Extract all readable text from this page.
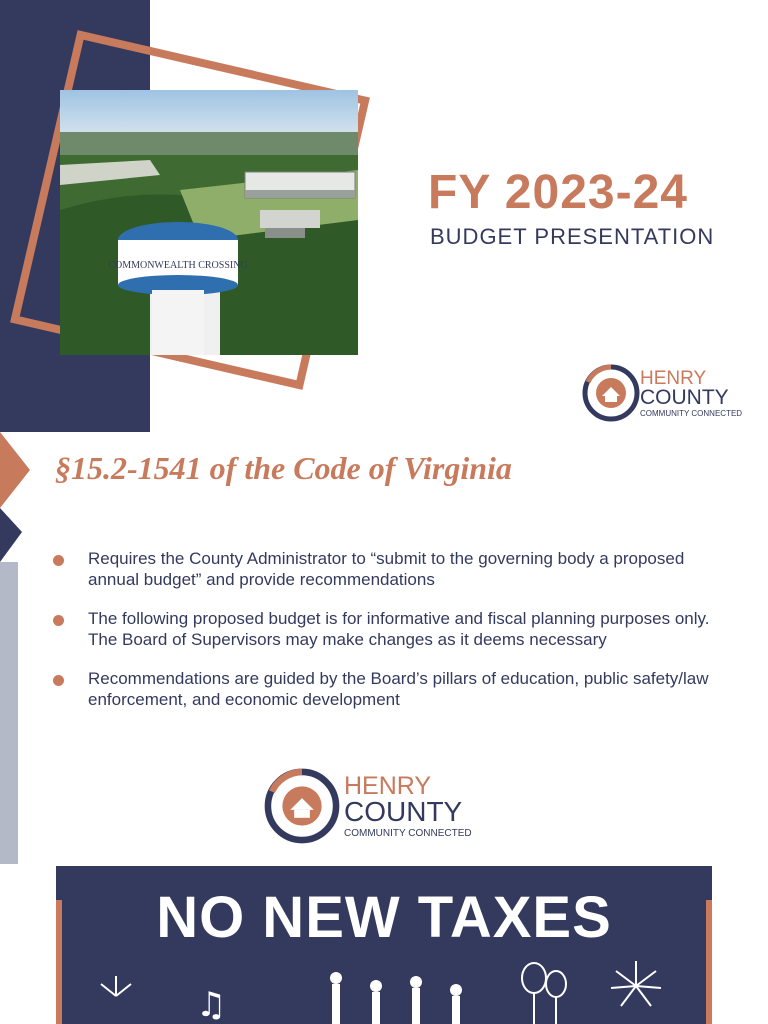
COMMONWEALTH CROSSING
FY 2023-24
BUDGET PRESENTATION
HENRY
COUNTY
COMMUNITY CONNECTED
§15.2-1541 of the Code of Virginia
Requires the County Administrator to “submit to the governing body a proposed annual budget” and provide recommendations
The following proposed budget is for informative and fiscal planning purposes only. The Board of Supervisors may make changes as it deems necessary
Recommendations are guided by the Board’s pillars of education, public safety/law enforcement, and economic development
HENRY
COUNTY
COMMUNITY CONNECTED
NO NEW TAXES
♫
